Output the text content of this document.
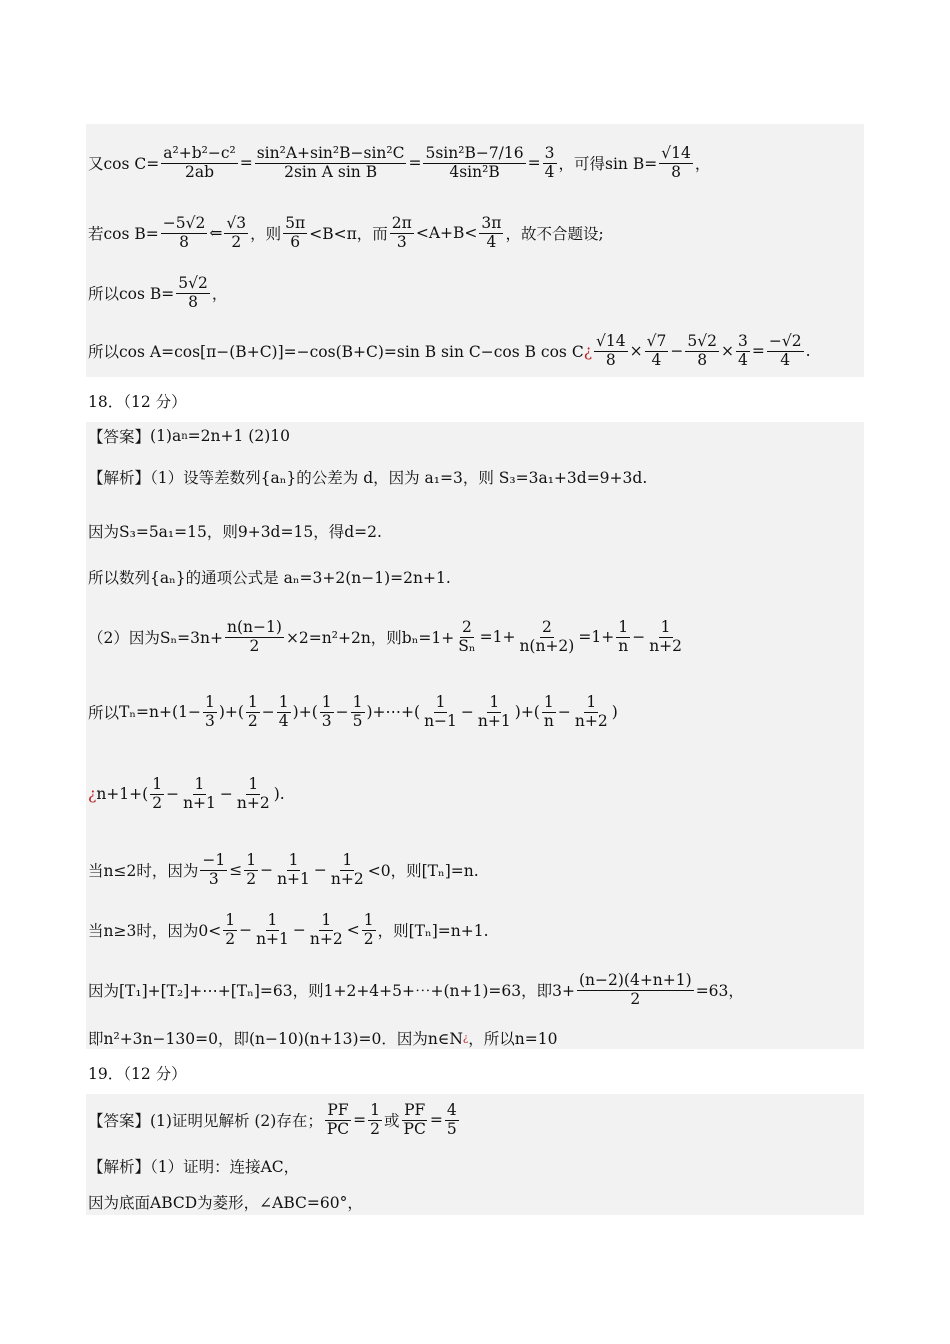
又$\cos C= \frac{\text{a²+b²−c²}}{2ab} = \frac{\text{sin²A+sin²B−sin²C}}{\text{2sin A sin B}} = \frac{\text{5sin²B−7/16}}{\text{4sin²B}} = \frac{3}{4}$ ，可得$\sin B= \frac{√14}{8}$ ，
若$\cos B= \frac{-5√2}{8}$ ⇐ $\frac{√3}{2}$ ，则 $\frac{5\pi}{6} <B<\pi$，而 $\frac{2\pi}{3} <A+B< \frac{3\pi}{4}$ ，故不合题设;
所以$\cos B= \frac{5√2}{8}$ ，
所以cos A=cos[π−(B+C)]=−cos(B+C)=sin B sin C−cos B cos C ¿ $\frac{√14}{8} \times \frac{√7}{4} - \frac{5√2}{8} \times \frac{3}{4} = \frac{-√2}{4}$ .
18．（12 分）
【答案】 (1)a n =2n+1 (2)10
【解析】（1）设等差数列{aₙ}的公差为 d，因为 a₁=3，则 S₃=3a₁+3d=9+3d.
因为S₃=5a₁=15，则9+3d=15，得d=2.
所以数列{aₙ}的通项公式是 aₙ=3+2(n−1)=2n+1.
（2）因为$S_n=3n+ \frac{n(n-1)}{2} \times 2=n^2+2n$，则$b_n=1+ \frac{2}{\text{Sₙ}} =1+ \frac{2}{n(n+2)} =1+ \frac{1}{n} - \frac{1}{n+2}$
所以 $T_n=n+ (1- \frac{1}{3}$ )+( $\frac{1}{2} - \frac{1}{4}$ )+( $\frac{1}{3} - \frac{1}{5}$ )+⋯+( $\frac{1}{n-1} - \frac{1}{n+1}$ )+( $\frac{1}{n} - \frac{1}{n+2}$ )
¿ $n+1+( \frac{1}{2} - \frac{1}{n+1} - \frac{1}{n+2}$ ).
当n≤2时，因为 $\frac{-1}{3} \le \frac{1}{2} - \frac{1}{n+1} - \frac{1}{n+2} <0$，则[Tₙ]=n.
当n≥3时，因为$0< \frac{1}{2} - \frac{1}{n+1} - \frac{1}{n+2} < \frac{1}{2}$ ，则[Tₙ]=n+1.
因为[T₁]+[T₂]+⋯+[Tₙ]=63，则1+2+4+5+⋯+(n+1)=63，即$3+ \frac{(n-2)(4+n+1)}{2} =63$，
即n²+3n−130=0，即(n−10)(n+13)=0．因为n∈N ¿ ，所以n=10
19．（12 分）
【答案】(1)证明见解析 (2)存在； $\frac{PF}{PC} = \frac{1}{2}$ 或 $\frac{PF}{PC} = \frac{4}{5}$
【解析】（1）证明：连接AC，
因为底面ABCD为菱形，∠ABC=60°，
